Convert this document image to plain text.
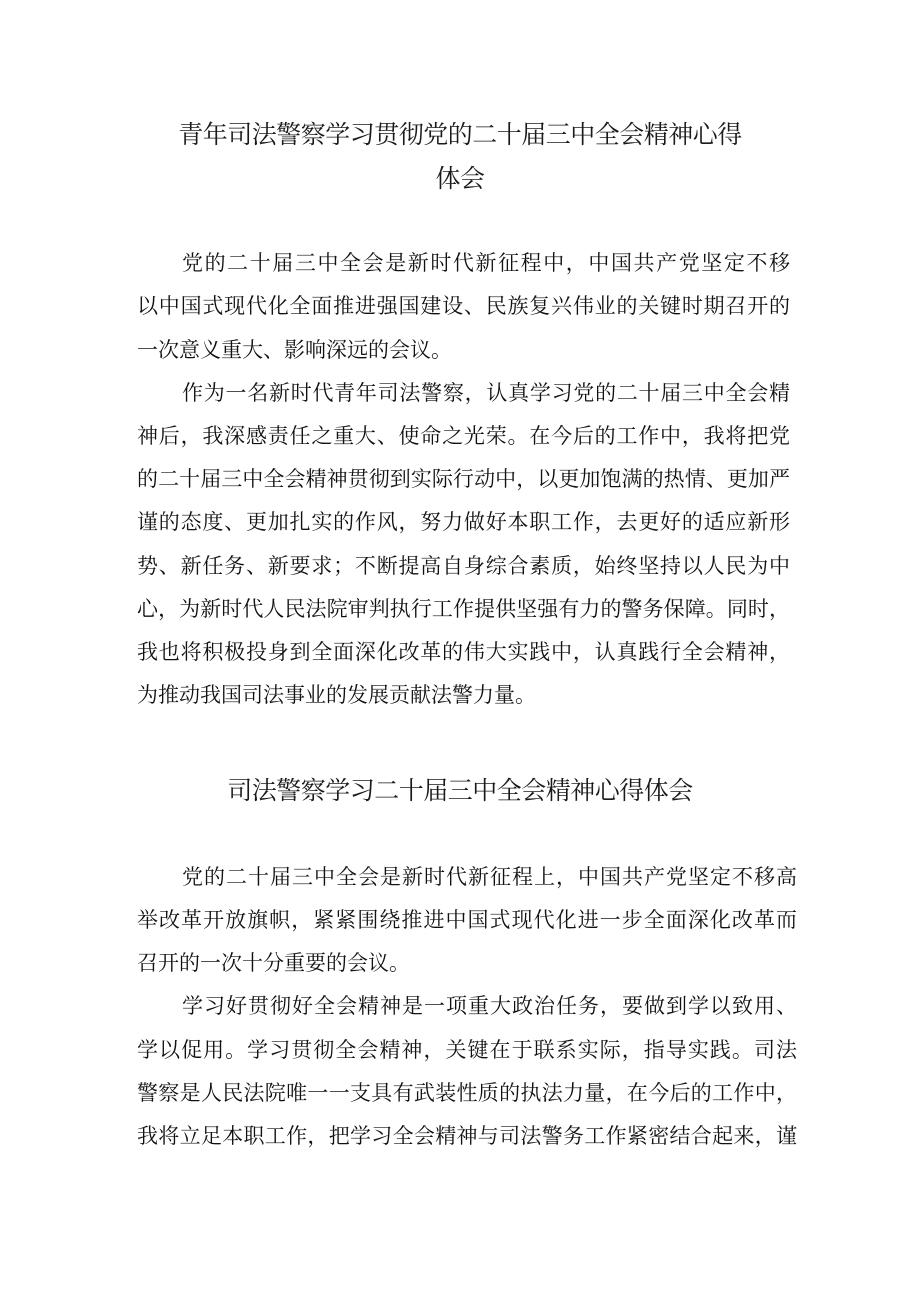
青年司法警察学习贯彻党的二十届三中全会精神心得
体会
党的二十届三中全会是新时代新征程中，中国共产党坚定不移
以中国式现代化全面推进强国建设、民族复兴伟业的关键时期召开的
一次意义重大、影响深远的会议。
作为一名新时代青年司法警察，认真学习党的二十届三中全会精
神后，我深感责任之重大、使命之光荣。在今后的工作中，我将把党
的二十届三中全会精神贯彻到实际行动中，以更加饱满的热情、更加严
谨的态度、更加扎实的作风，努力做好本职工作，去更好的适应新形
势、新任务、新要求；不断提高自身综合素质，始终坚持以人民为中
心，为新时代人民法院审判执行工作提供坚强有力的警务保障。同时，
我也将积极投身到全面深化改革的伟大实践中，认真践行全会精神，
为推动我国司法事业的发展贡献法警力量。
司法警察学习二十届三中全会精神心得体会
党的二十届三中全会是新时代新征程上，中国共产党坚定不移高
举改革开放旗帜，紧紧围绕推进中国式现代化进一步全面深化改革而
召开的一次十分重要的会议。
学习好贯彻好全会精神是一项重大政治任务，要做到学以致用、
学以促用。学习贯彻全会精神，关键在于联系实际，指导实践。司法
警察是人民法院唯一一支具有武装性质的执法力量，在今后的工作中，
我将立足本职工作，把学习全会精神与司法警务工作紧密结合起来，谨
